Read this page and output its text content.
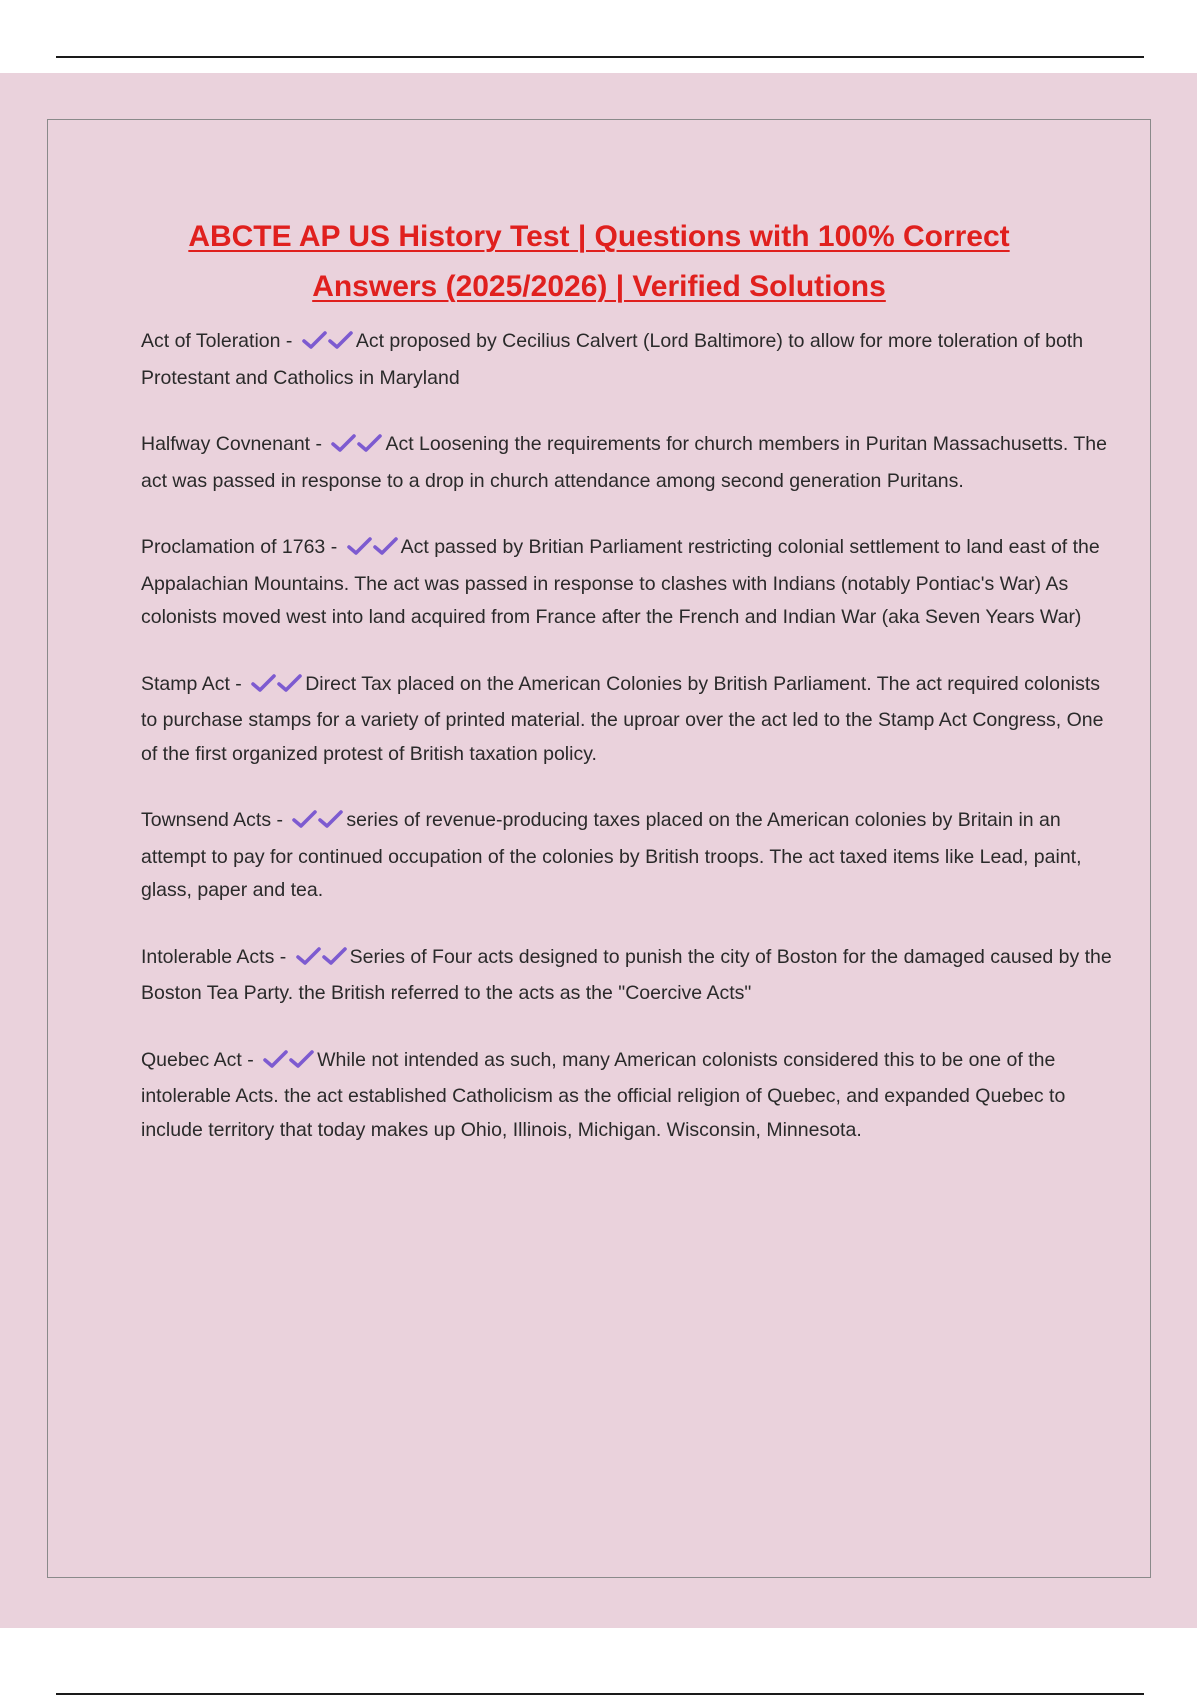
ABCTE AP US History Test | Questions with 100% Correct
Answers (2025/2026) | Verified Solutions

Act of Toleration -	Act proposed by Cecilius Calvert (Lord Baltimore) to allow for more toleration of both Protestant and Catholics in Maryland

Halfway Covnenant -	Act Loosening the requirements for church members in Puritan Massachusetts. The act was passed in response to a drop in church attendance among second generation Puritans.

Proclamation of 1763 -	Act passed by Britian Parliament restricting colonial settlement to land east of the Appalachian Mountains. The act was passed in response to clashes with Indians (notably Pontiac's War) As colonists moved west into land acquired from France after the French and Indian War (aka Seven Years War)

Stamp Act -	Direct Tax placed on the American Colonies by British Parliament. The act required colonists to purchase stamps for a variety of printed material. the uproar over the act led to the Stamp Act Congress, One of the first organized protest of British taxation policy.

Townsend Acts -	series of revenue-producing taxes placed on the American colonies by Britain in an attempt to pay for continued occupation of the colonies by British troops. The act taxed items like Lead, paint, glass, paper and tea.

Intolerable Acts -	Series of Four acts designed to punish the city of Boston for the damaged caused by the Boston Tea Party. the British referred to the acts as the "Coercive Acts"

Quebec Act -	While not intended as such, many American colonists considered this to be one of the intolerable Acts. the act established Catholicism as the official religion of Quebec, and expanded Quebec to include territory that today makes up Ohio, Illinois, Michigan. Wisconsin, Minnesota.
